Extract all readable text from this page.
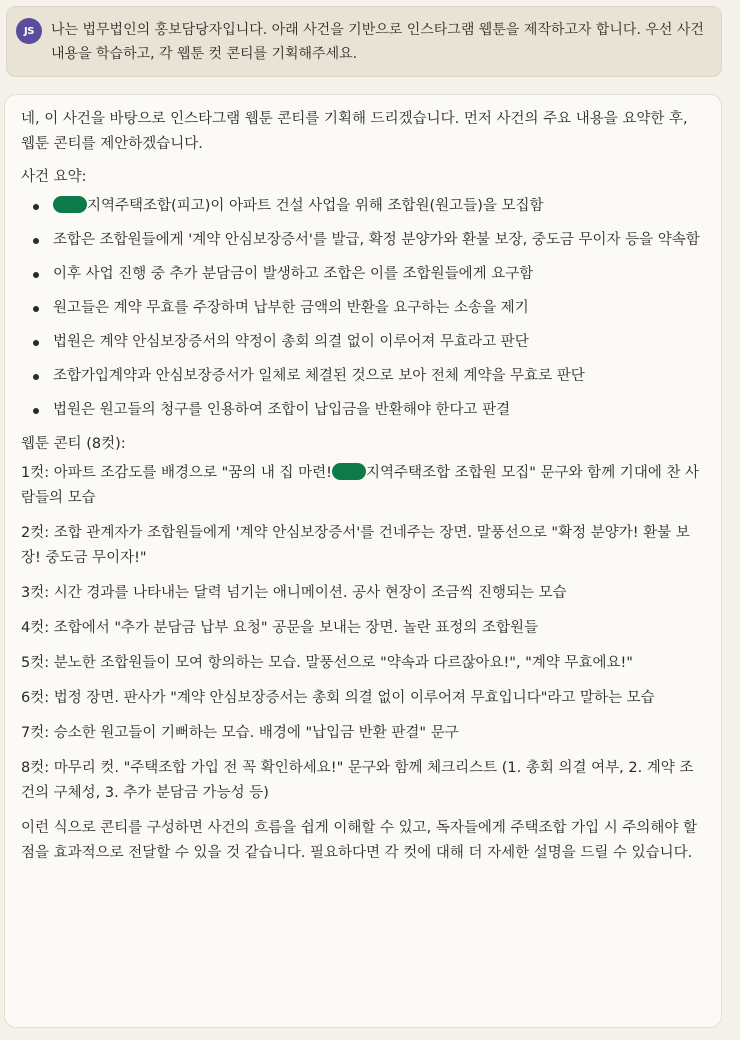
JS	나는 법무법인의 홍보담당자입니다. 아래 사건을 기반으로 인스타그램 웹툰을 제작하고자 합니다. 우선 사건 내용을 학습하고, 각 웹툰 컷 콘티를 기획해주세요.

네, 이 사건을 바탕으로 인스타그램 웹툰 콘티를 기획해 드리겠습니다. 먼저 사건의 주요 내용을 요약한 후, 웹툰 콘티를 제안하겠습니다.

사건 요약:

지역주택조합(피고)이 아파트 건설 사업을 위해 조합원(원고들)을 모집함
조합은 조합원들에게 '계약 안심보장증서'를 발급, 확정 분양가와 환불 보장, 중도금 무이자 등을 약속함
이후 사업 진행 중 추가 분담금이 발생하고 조합은 이를 조합원들에게 요구함
원고들은 계약 무효를 주장하며 납부한 금액의 반환을 요구하는 소송을 제기
법원은 계약 안심보장증서의 약정이 총회 의결 없이 이루어져 무효라고 판단
조합가입계약과 안심보장증서가 일체로 체결된 것으로 보아 전체 계약을 무효로 판단
법원은 원고들의 청구를 인용하여 조합이 납입금을 반환해야 한다고 판결

웹툰 콘티 (8컷):

1컷: 아파트 조감도를 배경으로 "꿈의 내 집 마련! 지역주택조합 조합원 모집" 문구와 함께 기대에 찬 사람들의 모습

2컷: 조합 관계자가 조합원들에게 '계약 안심보장증서'를 건네주는 장면. 말풍선으로 "확정 분양가! 환불 보장! 중도금 무이자!"

3컷: 시간 경과를 나타내는 달력 넘기는 애니메이션. 공사 현장이 조금씩 진행되는 모습

4컷: 조합에서 "추가 분담금 납부 요청" 공문을 보내는 장면. 놀란 표정의 조합원들

5컷: 분노한 조합원들이 모여 항의하는 모습. 말풍선으로 "약속과 다르잖아요!", "계약 무효에요!"

6컷: 법정 장면. 판사가 "계약 안심보장증서는 총회 의결 없이 이루어져 무효입니다"라고 말하는 모습

7컷: 승소한 원고들이 기뻐하는 모습. 배경에 "납입금 반환 판결" 문구

8컷: 마무리 컷. "주택조합 가입 전 꼭 확인하세요!" 문구와 함께 체크리스트 (1. 총회 의결 여부, 2. 계약 조건의 구체성, 3. 추가 분담금 가능성 등)

이런 식으로 콘티를 구성하면 사건의 흐름을 쉽게 이해할 수 있고, 독자들에게 주택조합 가입 시 주의해야 할 점을 효과적으로 전달할 수 있을 것 같습니다. 필요하다면 각 컷에 대해 더 자세한 설명을 드릴 수 있습니다.
